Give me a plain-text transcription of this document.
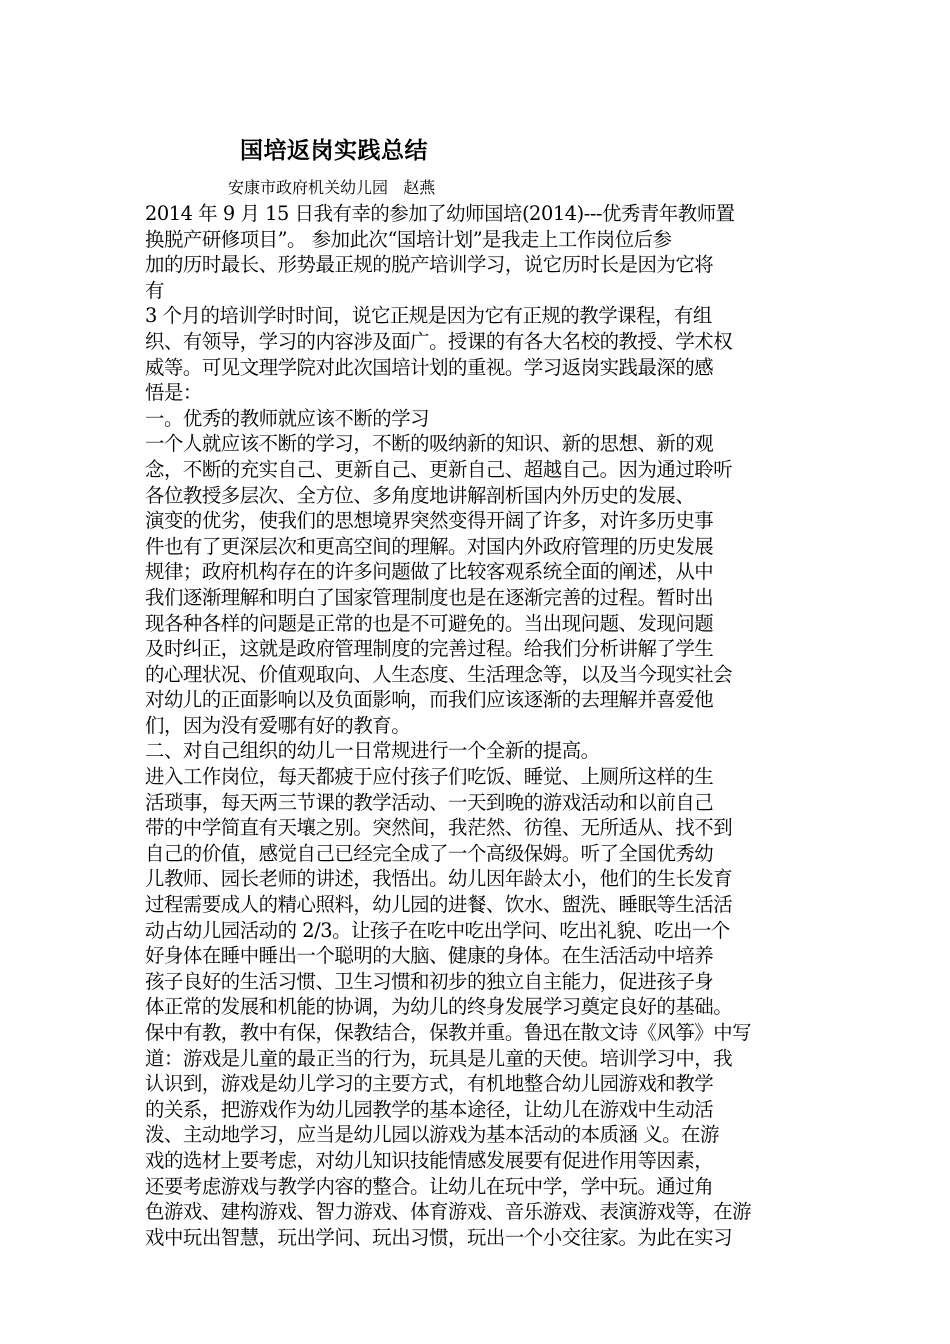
国培返岗实践总结
安康市政府机关幼儿园   赵燕
2014 年 9 月 15 日我有幸的参加了幼师国培(2014)---优秀青年教师置
换脱产研修项目”。 参加此次“国培计划”是我走上工作岗位后参
加的历时最长、形势最正规的脱产培训学习，说它历时长是因为它将
有
3 个月的培训学时时间，说它正规是因为它有正规的教学课程，有组
织、有领导，学习的内容涉及面广。授课的有各大名校的教授、学术权
威等。可见文理学院对此次国培计划的重视。学习返岗实践最深的感
悟是：
一。优秀的教师就应该不断的学习
一个人就应该不断的学习，不断的吸纳新的知识、新的思想、新的观
念，不断的充实自己、更新自己、更新自己、超越自己。因为通过聆听
各位教授多层次、全方位、多角度地讲解剖析国内外历史的发展、
演变的优劣，使我们的思想境界突然变得开阔了许多，对许多历史事
件也有了更深层次和更高空间的理解。对国内外政府管理的历史发展
规律；政府机构存在的许多问题做了比较客观系统全面的阐述，从中
我们逐渐理解和明白了国家管理制度也是在逐渐完善的过程。暂时出
现各种各样的问题是正常的也是不可避免的。当出现问题、发现问题
及时纠正，这就是政府管理制度的完善过程。给我们分析讲解了学生
的心理状况、价值观取向、人生态度、生活理念等，以及当今现实社会
对幼儿的正面影响以及负面影响，而我们应该逐渐的去理解并喜爱他
们，因为没有爱哪有好的教育。
二、对自己组织的幼儿一日常规进行一个全新的提高。
进入工作岗位，每天都疲于应付孩子们吃饭、睡觉、上厕所这样的生
活琐事，每天两三节课的教学活动、一天到晚的游戏活动和以前自己
带的中学简直有天壤之别。突然间，我茫然、彷徨、无所适从、找不到
自己的价值，感觉自己已经完全成了一个高级保姆。听了全国优秀幼
儿教师、园长老师的讲述，我悟出。幼儿因年龄太小，他们的生长发育
过程需要成人的精心照料，幼儿园的进餐、饮水、盥洗、睡眠等生活活
动占幼儿园活动的 2/3。让孩子在吃中吃出学问、吃出礼貌、吃出一个
好身体在睡中睡出一个聪明的大脑、健康的身体。在生活活动中培养
孩子良好的生活习惯、卫生习惯和初步的独立自主能力，促进孩子身
体正常的发展和机能的协调，为幼儿的终身发展学习奠定良好的基础。
保中有教，教中有保，保教结合，保教并重。鲁迅在散文诗《风筝》中写
道：游戏是儿童的最正当的行为，玩具是儿童的天使。培训学习中，我
认识到，游戏是幼儿学习的主要方式，有机地整合幼儿园游戏和教学
的关系，把游戏作为幼儿园教学的基本途径，让幼儿在游戏中生动活
泼、主动地学习，应当是幼儿园以游戏为基本活动的本质涵 义。在游
戏的选材上要考虑，对幼儿知识技能情感发展要有促进作用等因素，
还要考虑游戏与教学内容的整合。让幼儿在玩中学，学中玩。通过角
色游戏、建构游戏、智力游戏、体育游戏、音乐游戏、表演游戏等，在游
戏中玩出智慧，玩出学问、玩出习惯，玩出一个小交往家。为此在实习
